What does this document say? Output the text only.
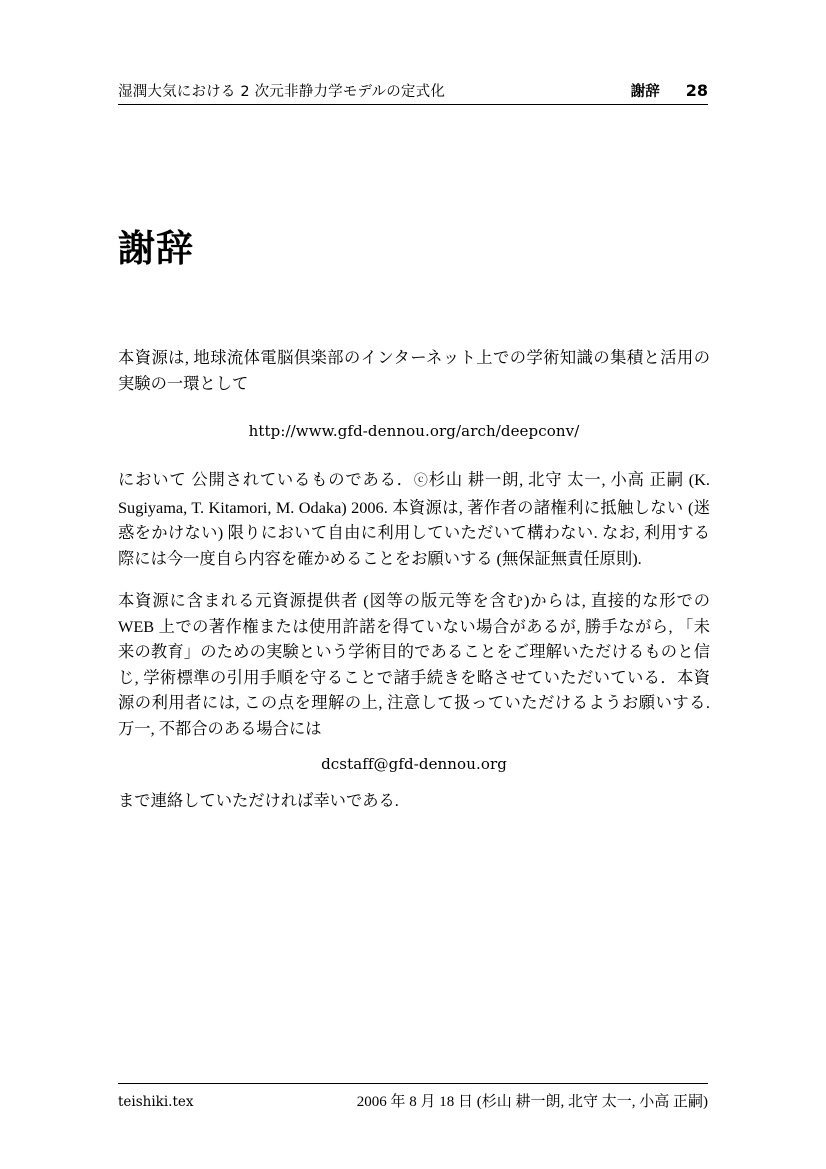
湿潤大気における 2 次元非静力学モデルの定式化	謝辞 28
謝辞

本資源は, 地球流体電脳倶楽部のインターネット上での学術知識の集積と活用の実験の一環として

http://www.gfd-dennou.org/arch/deepconv/

において 公開されているものである．ⓒ杉山 耕一朗, 北守 太一, 小高 正嗣 (K. Sugiyama, T. Kitamori, M. Odaka) 2006. 本資源は, 著作者の諸権利に抵触しない (迷惑をかけない) 限りにおいて自由に利用していただいて構わない. なお, 利用する際には今一度自ら内容を確かめることをお願いする (無保証無責任原則).

本資源に含まれる元資源提供者 (図等の版元等を含む)からは, 直接的な形での WEB 上での著作権または使用許諾を得ていない場合があるが, 勝手ながら, 「未来の教育」のための実験という学術目的であることをご理解いただけるものと信じ, 学術標準の引用手順を守ることで諸手続きを略させていただいている．本資源の利用者には, この点を理解の上, 注意して扱っていただけるようお願いする. 万一, 不都合のある場合には

dcstaff@gfd-dennou.org

まで連絡していただければ幸いである.

teishiki.tex	2006 年 8 月 18 日 (杉山 耕一朗, 北守 太一, 小高 正嗣)
